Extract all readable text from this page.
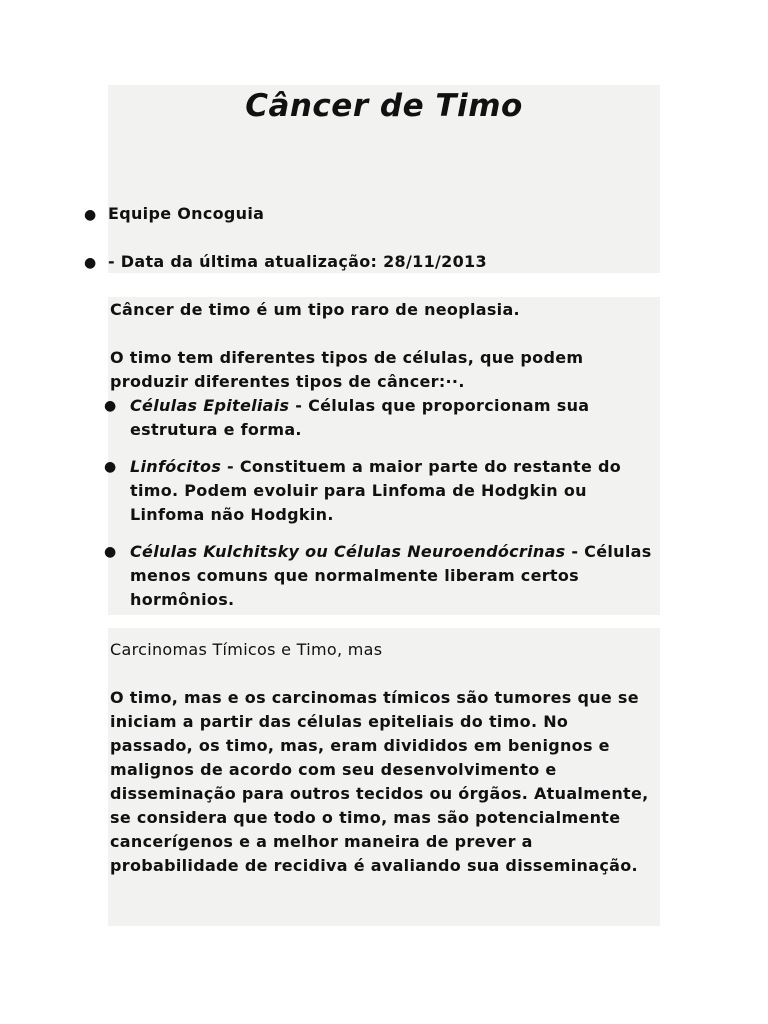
Câncer de Timo
● Equipe Oncoguia
● - Data da última atualização: 28/11/2013

Câncer de timo é um tipo raro de neoplasia.

O timo tem diferentes tipos de células, que podem produzir diferentes tipos de câncer:··.

● Células Epiteliais - Células que proporcionam sua estrutura e forma.
● Linfócitos - Constituem a maior parte do restante do timo. Podem evoluir para Linfoma de Hodgkin ou Linfoma não Hodgkin.
● Células Kulchitsky ou Células Neuroendócrinas - Células menos comuns que normalmente liberam certos hormônios.

Carcinomas Tímicos e Timo, mas

O timo, mas e os carcinomas tímicos são tumores que se iniciam a partir das células epiteliais do timo. No passado, os timo, mas, eram divididos em benignos e malignos de acordo com seu desenvolvimento e disseminação para outros tecidos ou órgãos. Atualmente, se considera que todo o timo, mas são potencialmente cancerígenos e a melhor maneira de prever a probabilidade de recidiva é avaliando sua disseminação.
